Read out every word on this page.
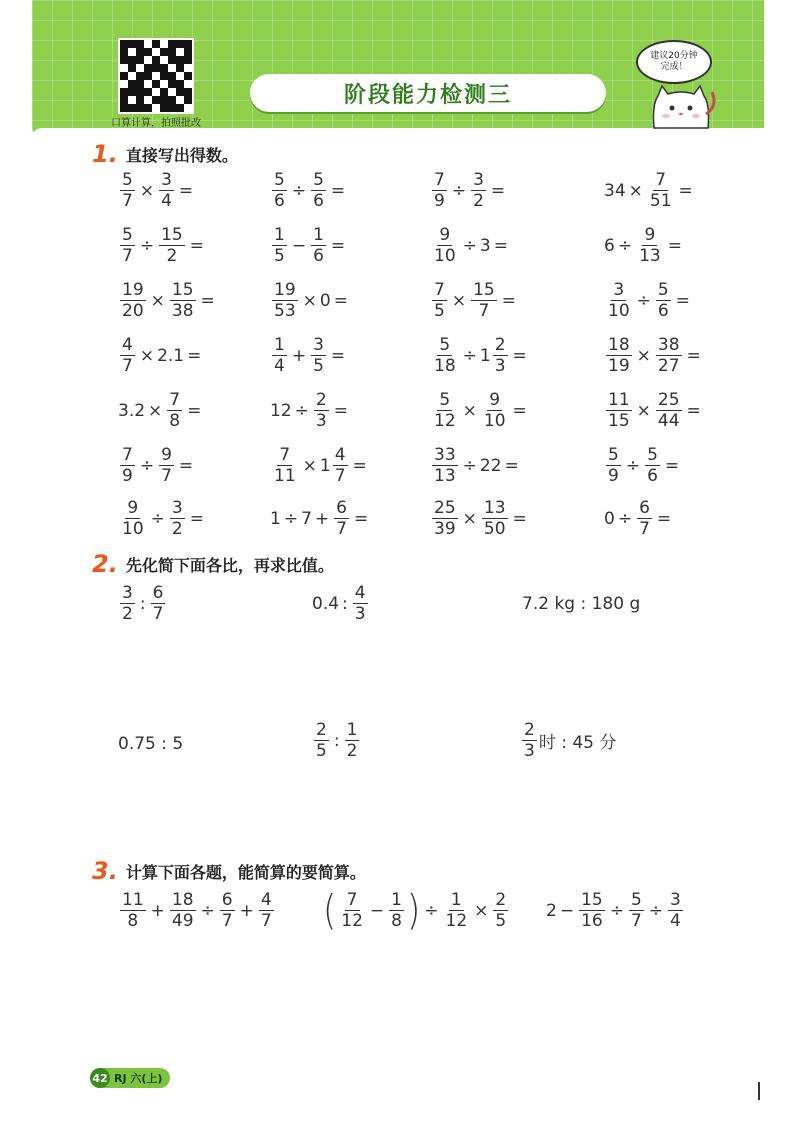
口算计算，拍照批改
阶段能力检测三
建议20分钟
完成！
1. 直接写出得数。
$\frac{5}{7} \times \frac{3}{4}$ =	$\frac{5}{6} \div \frac{5}{6}$ =	$\frac{7}{9} \div \frac{3}{2}$ =	$34 \times \frac{7}{51}$ =
$\frac{5}{7} \div \frac{15}{2}$ =	$\frac{1}{5} - \frac{1}{6}$ =	$\frac{9}{10} \div 3$ =	$6 \div \frac{9}{13}$ =
$\frac{19}{20} \times \frac{15}{38}$ =	$\frac{19}{53} \times 0$ =	$\frac{7}{5} \times \frac{15}{7}$ =	$\frac{3}{10} \div \frac{5}{6}$ =
$\frac{4}{7} \times 2.1$ =	$\frac{1}{4} + \frac{3}{5}$ =	$\frac{5}{18} \div 1 \frac{2}{3}$ =	$\frac{18}{19} \times \frac{38}{27}$ =
$3.2 \times \frac{7}{8}$ =	$12 \div \frac{2}{3}$ =	$\frac{5}{12} \times \frac{9}{10}$ =	$\frac{11}{15} \times \frac{25}{44}$ =
$\frac{7}{9} \div \frac{9}{7}$ =	$\frac{7}{11} \times 1 \frac{4}{7}$ =	$\frac{33}{13} \div 22$ =	$\frac{5}{9} \div \frac{5}{6}$ =
$\frac{9}{10} \div \frac{3}{2}$ =	$1 \div 7 + \frac{6}{7}$ =	$\frac{25}{39} \times \frac{13}{50}$ =	$0 \div \frac{6}{7}$ =
2. 先化简下面各比，再求比值。
$\frac{3}{2}$ : $\frac{6}{7}$	0.4 : $\frac{4}{3}$	7.2 kg : 180 g
0.75 : 5	$\frac{2}{5}$ : $\frac{1}{2}$	$\frac{2}{3}$ 时 : 45 分
3. 计算下面各题，能简算的要简算。
$\frac{11}{8} + \frac{18}{49} \div \frac{6}{7} + \frac{4}{7}$ ( $\frac{7}{12} - \frac{1}{8}$ ) ÷ $\frac{1}{12} \times \frac{2}{5} 2 - \frac{15}{16} \div \frac{5}{7} \div \frac{3}{4}$
42 RJ 六(上)
